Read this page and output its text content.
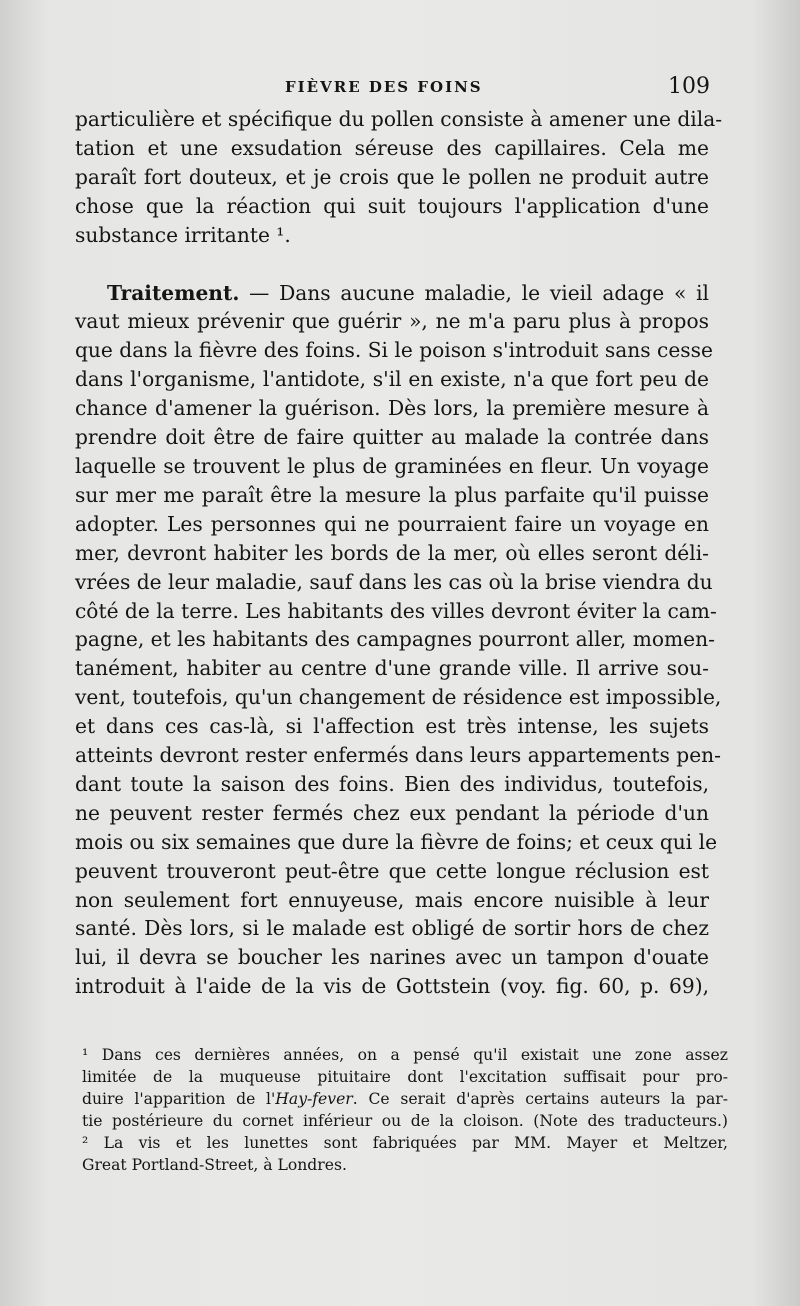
FIÈVRE DES FOINS	109
particulière et spécifique du pollen consiste à amener une dila-
tation et une exsudation séreuse des capillaires. Cela me
paraît fort douteux, et je crois que le pollen ne produit autre
chose que la réaction qui suit toujours l'application d'une
substance irritante ¹.
Traitement. — Dans aucune maladie, le vieil adage « il
vaut mieux prévenir que guérir », ne m'a paru plus à propos
que dans la fièvre des foins. Si le poison s'introduit sans cesse
dans l'organisme, l'antidote, s'il en existe, n'a que fort peu de
chance d'amener la guérison. Dès lors, la première mesure à
prendre doit être de faire quitter au malade la contrée dans
laquelle se trouvent le plus de graminées en fleur. Un voyage
sur mer me paraît être la mesure la plus parfaite qu'il puisse
adopter. Les personnes qui ne pourraient faire un voyage en
mer, devront habiter les bords de la mer, où elles seront déli-
vrées de leur maladie, sauf dans les cas où la brise viendra du
côté de la terre. Les habitants des villes devront éviter la cam-
pagne, et les habitants des campagnes pourront aller, momen-
tanément, habiter au centre d'une grande ville. Il arrive sou-
vent, toutefois, qu'un changement de résidence est impossible,
et dans ces cas-là, si l'affection est très intense, les sujets
atteints devront rester enfermés dans leurs appartements pen-
dant toute la saison des foins. Bien des individus, toutefois,
ne peuvent rester fermés chez eux pendant la période d'un
mois ou six semaines que dure la fièvre de foins; et ceux qui le
peuvent trouveront peut-être que cette longue réclusion est
non seulement fort ennuyeuse, mais encore nuisible à leur
santé. Dès lors, si le malade est obligé de sortir hors de chez
lui, il devra se boucher les narines avec un tampon d'ouate
introduit à l'aide de la vis de Gottstein (voy. fig. 60, p. 69),
¹ Dans ces dernières années, on a pensé qu'il existait une zone assez
limitée de la muqueuse pituitaire dont l'excitation suffisait pour pro-
duire l'apparition de l'Hay-fever. Ce serait d'après certains auteurs la par-
tie postérieure du cornet inférieur ou de la cloison. (Note des traducteurs.)
² La vis et les lunettes sont fabriquées par MM. Mayer et Meltzer,
Great Portland-Street, à Londres.
